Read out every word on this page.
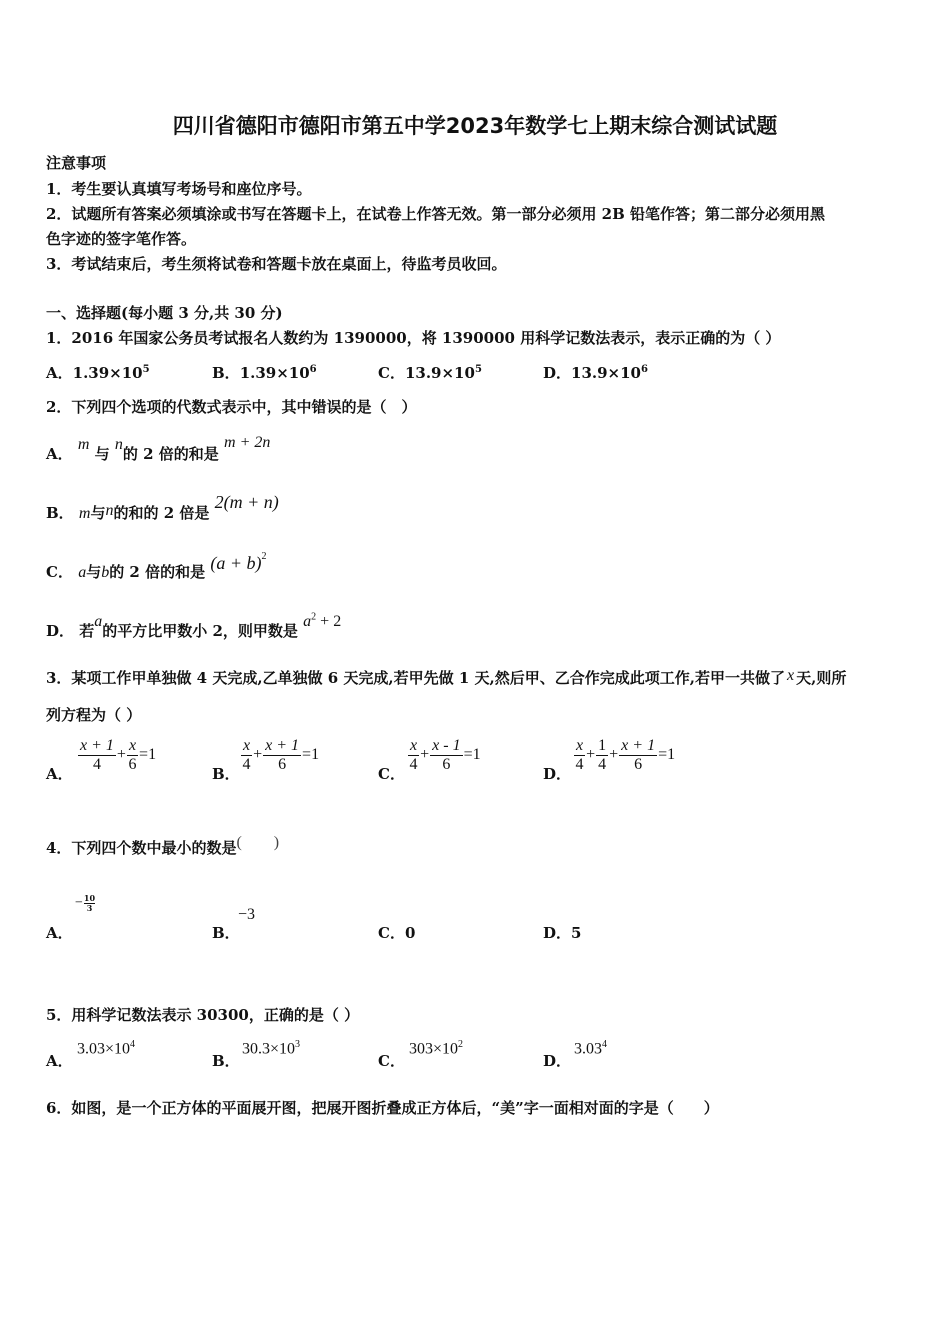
四川省德阳市德阳市第五中学2023年数学七上期末综合测试试题
注意事项
1．考生要认真填写考场号和座位序号。
2．试题所有答案必须填涂或书写在答题卡上，在试卷上作答无效。第一部分必须用 2B 铅笔作答；第二部分必须用黑
色字迹的签字笔作答。
3．考试结束后，考生须将试卷和答题卡放在桌面上，待监考员收回。
一、选择题(每小题 3 分,共 30 分)
1．2016 年国家公务员考试报名人数约为 1390000，将 1390000 用科学记数法表示，表示正确的为（ ）
A．$1.39\times 10^5$	B．$1.39\times 10^6$	C．$13.9\times 10^5$	D．$13.9\times 10^6$
2．下列四个选项的代数式表示中，其中错误的是（　）
A． m 与 n的 2 倍的和是 m + 2n
B． m与n的和的 2 倍是 2(m + n)
C． a与b的 2 倍的和是 $(a + b)^2$
D． 若a的平方比甲数小 2，则甲数是 $a^2 + 2$
3．某项工作甲单独做 4 天完成,乙单独做 6 天完成,若甲先做 1 天,然后甲、乙合作完成此项工作,若甲一共做了 x 天,则所
列方程为（ ）
A． $\frac{x + 1}{4} + \frac{x}{6} =1$
B． $\frac{x}{4} + \frac{x + 1}{6} =1$
C． $\frac{x}{4} + \frac{x - 1}{6} =1$
D． $\frac{x}{4} + \frac{1}{4} + \frac{x + 1}{6} =1$
4．下列四个数中最小的数是(　　)
A．
− $\frac{10}{3}$
B．
−3
C．0	D．5
5．用科学记数法表示 30300，正确的是（ ）
A．
$3.03\times 10^4$
B．
$30.3\times 10^3$
C．
$303\times 10^2$
D．
3.03$^4$
6．如图，是一个正方体的平面展开图，把展开图折叠成正方体后，“美”字一面相对面的字是（　　）
